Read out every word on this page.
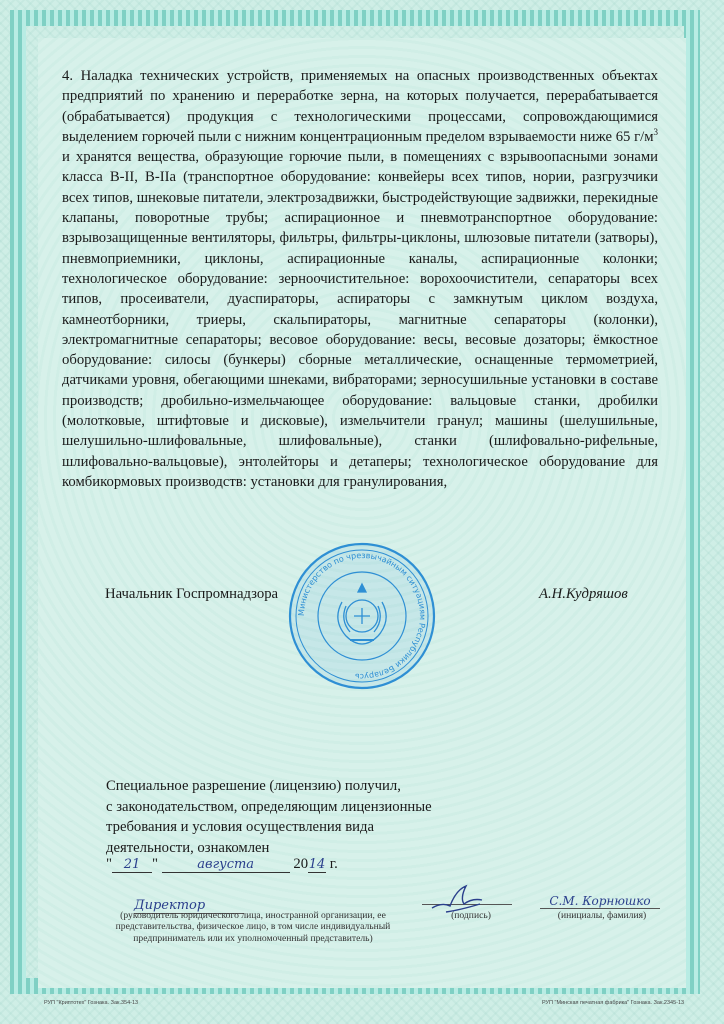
4. Наладка технических устройств, применяемых на опасных производственных объектах предприятий по хранению и переработке зерна, на которых получается, перерабатывается (обрабатывается) продукция с технологическими процессами, сопровождающимися выделением горючей пыли с нижним концентрационным пределом взрываемости ниже 65 $г/м^3$ и хранятся вещества, образующие горючие пыли, в помещениях с взрывоопасными зонами класса В-II, В-IIа (транспортное оборудование: конвейеры всех типов, нории, разгрузчики всех типов, шнековые питатели, электрозадвижки, быстродействующие задвижки, перекидные клапаны, поворотные трубы; аспирационное и пневмотранспортное оборудование: взрывозащищенные вентиляторы, фильтры, фильтры-циклоны, шлюзовые питатели (затворы), пневмоприемники, циклоны, аспирационные каналы, аспирационные колонки; технологическое оборудование: зерноочистительное: ворохоочистители, сепараторы всех типов, просеиватели, дуаспираторы, аспираторы с замкнутым циклом воздуха, камнеотборники, триеры, скальпираторы, магнитные сепараторы (колонки), электромагнитные сепараторы; весовое оборудование: весы, весовые дозаторы; ёмкостное оборудование: силосы (бункеры) сборные металлические, оснащенные термометрией, датчиками уровня, обегающими шнеками, вибраторами; зерносушильные установки в составе производств; дробильно-измельчающее оборудование: вальцовые станки, дробилки (молотковые, штифтовые и дисковые), измельчители гранул; машины (шелушильные, шелушильно-шлифовальные, шлифовальные), станки (шлифовально-рифельные, шлифовально-вальцовые), энтолейторы и детаперы; технологическое оборудование для комбикормовых производств: установки для гранулирования,

Начальник Госпромнадзора	А.Н.Кудряшов
Министерство по чрезвычайным ситуациям Республики Беларусь

Специальное разрешение (лицензию) получил,

с законодательством, определяющим лицензионные

требования и условия осуществления вида

деятельности, ознакомлен

" 21 "	августа	2014 г.
Директор
(руководитель юридического лица, иностранной организации, ее представительства, физическое лицо, в том числе индивидуальный предприниматель или их уполномоченный представитель)
(подпись)
С.М. Корнюшко
(инициалы, фамилия)
РУП "Криптотех" Гознака. Зак.354-13	РУП "Минская печатная фабрика" Гознака. Зак.2345-13
